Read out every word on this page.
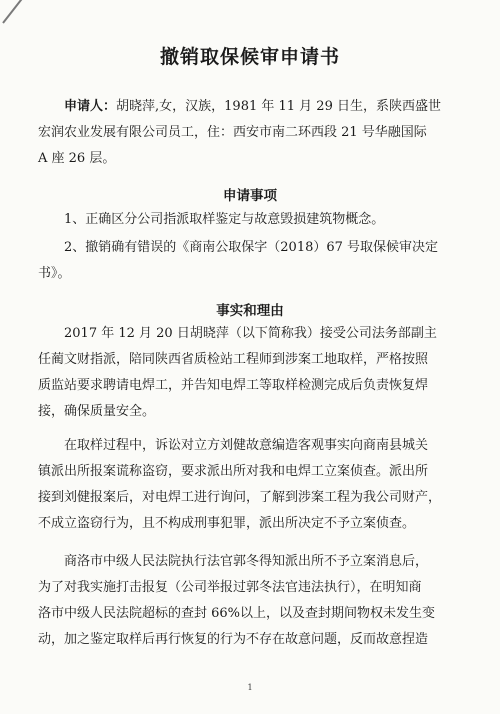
撤销取保候审申请书
申请人：胡晓萍,女，汉族，1981 年 11 月 29 日生，系陕西盛世
宏润农业发展有限公司员工，住：西安市南二环西段 21 号华融国际
A 座 26 层。
申请事项
1、正确区分公司指派取样鉴定与故意毁损建筑物概念。
2、撤销确有错误的《商南公取保字（2018）67 号取保候审决定
书》。
事实和理由
2017 年 12 月 20 日胡晓萍（以下简称我）接受公司法务部副主
任蔺文财指派，陪同陕西省质检站工程师到涉案工地取样，严格按照
质监站要求聘请电焊工，并告知电焊工等取样检测完成后负责恢复焊
接，确保质量安全。
在取样过程中，诉讼对立方刘健故意编造客观事实向商南县城关
镇派出所报案谎称盗窃，要求派出所对我和电焊工立案侦查。派出所
接到刘健报案后，对电焊工进行询问，了解到涉案工程为我公司财产，
不成立盗窃行为，且不构成刑事犯罪，派出所决定不予立案侦查。
商洛市中级人民法院执行法官郭冬得知派出所不予立案消息后，
为了对我实施打击报复（公司举报过郭冬法官违法执行），在明知商
洛市中级人民法院超标的查封 66%以上，以及查封期间物权未发生变
动，加之鉴定取样后再行恢复的行为不存在故意问题，反而故意捏造
1
